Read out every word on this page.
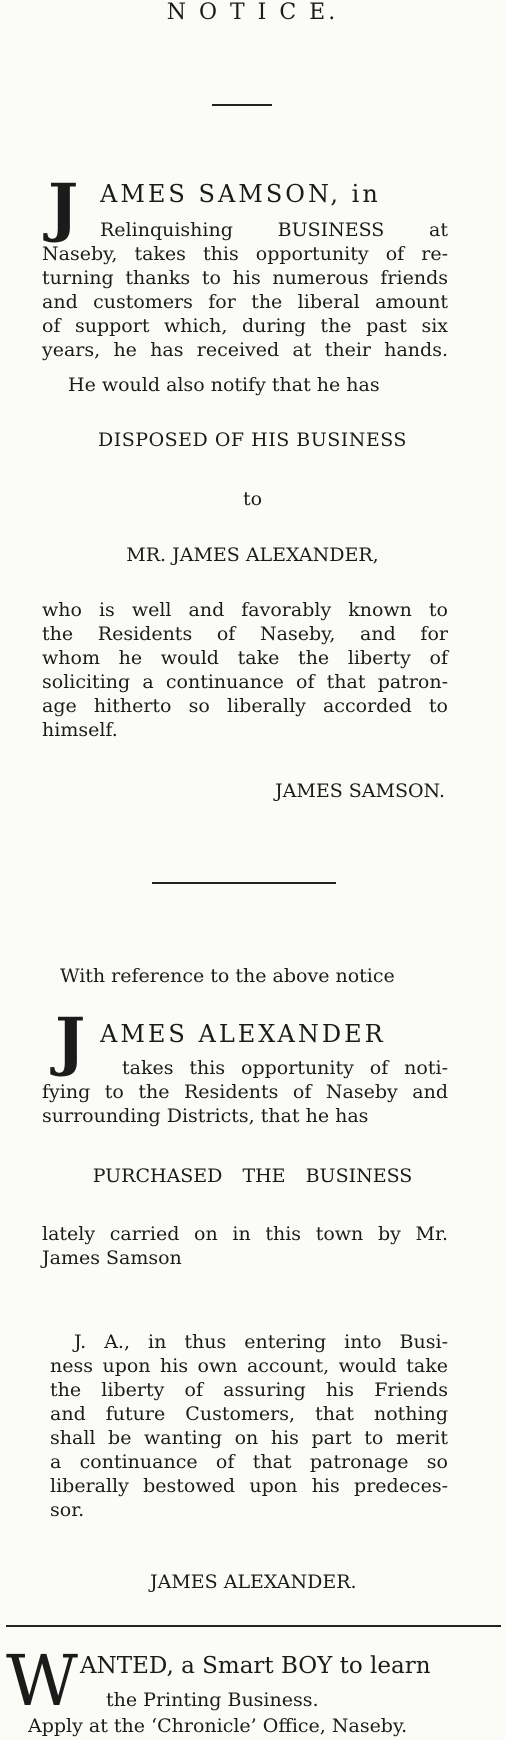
N O T I C E.
J AMES SAMSON, in
Relinquishing BUSINESS at
Naseby, takes this opportunity of re-
turning thanks to his numerous friends
and customers for the liberal amount
of support which, during the past six
years, he has received at their hands.
He would also notify that he has
DISPOSED OF HIS BUSINESS
to
MR. JAMES ALEXANDER,
who is well and favorably known to
the Residents of Naseby, and for
whom he would take the liberty of
soliciting a continuance of that patron-
age hitherto so liberally accorded to
himself.
JAMES SAMSON.
With reference to the above notice
J AMES ALEXANDER
takes this opportunity of noti-
fying to the Residents of Naseby and
surrounding Districts, that he has
PURCHASED THE BUSINESS
lately carried on in this town by Mr.
James Samson
J. A., in thus entering into Busi-
ness upon his own account, would take
the liberty of assuring his Friends
and future Customers, that nothing
shall be wanting on his part to merit
a continuance of that patronage so
liberally bestowed upon his predeces-
sor.
JAMES ALEXANDER.
W ANTED, a Smart BOY to learn
the Printing Business.
Apply at the ‘Chronicle’ Office, Naseby.
